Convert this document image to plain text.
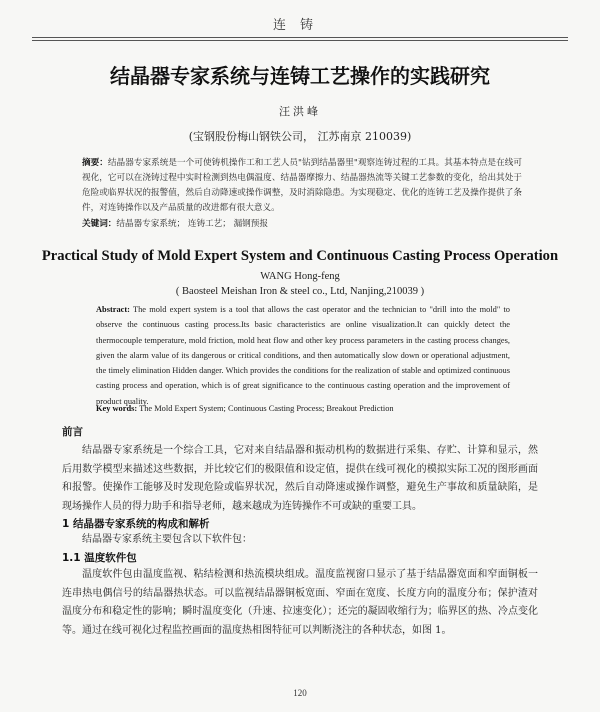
连铸
结晶器专家系统与连铸工艺操作的实践研究
汪洪峰
(宝钢股份梅山钢铁公司， 江苏南京 210039)
摘要：结晶器专家系统是一个可使铸机操作工和工艺人员"钻到结晶器里"观察连铸过程的工具。其基本特点是在线可视化，它可以在浇铸过程中实时检测到热电偶温度、结晶器摩擦力、结晶器热流等关键工艺参数的变化，给出其处于危险或临界状况的报警值，然后自动降速或操作调整，及时消除隐患。为实现稳定、优化的连铸工艺及操作提供了条件，对连铸操作以及产品质量的改进都有很大意义。
关键词：结晶器专家系统； 连铸工艺； 漏钢预报
Practical Study of Mold Expert System and Continuous Casting Process Operation
WANG Hong-feng
( Baosteel Meishan Iron & steel co., Ltd, Nanjing,210039 )
Abstract: The mold expert system is a tool that allows the cast operator and the technician to "drill into the mold" to observe the continuous casting process.Its basic characteristics are online visualization.It can quickly detect the thermocouple temperature, mold friction, mold heat flow and other key process parameters in the casting process changes, given the alarm value of its dangerous or critical conditions, and then automatically slow down or operational adjustment, the timely elimination Hidden danger. Which provides the conditions for the realization of stable and optimized continuous casting process and operation, which is of great significance to the continuous casting operation and the improvement of product quality.
Key words: The Mold Expert System; Continuous Casting Process; Breakout Prediction
前言
结晶器专家系统是一个综合工具，它对来自结晶器和振动机构的数据进行采集、存贮、计算和显示，然后用数学模型来描述这些数据，并比较它们的极限值和设定值，提供在线可视化的模拟实际工况的图形画面和报警。使操作工能够及时发现危险或临界状况，然后自动降速或操作调整，避免生产事故和质量缺陷，是现场操作人员的得力助手和指导老师，越来越成为连铸操作不可或缺的重要工具。
1 结晶器专家系统的构成和解析
结晶器专家系统主要包含以下软件包：
1.1 温度软件包
温度软件包由温度监视、粘结检测和热流模块组成。温度监视窗口显示了基于结晶器宽面和窄面铜板一连串热电偶信号的结晶器热状态。可以监视结晶器铜板宽面、窄面在宽度、长度方向的温度分布；保护渣对温度分布和稳定性的影响；瞬时温度变化（升速、拉速变化）；还完的凝固收缩行为；临界区的热、冷点变化等。通过在线可视化过程监控画面的温度热相图特征可以判断浇注的各种状态，如图 1。
120
